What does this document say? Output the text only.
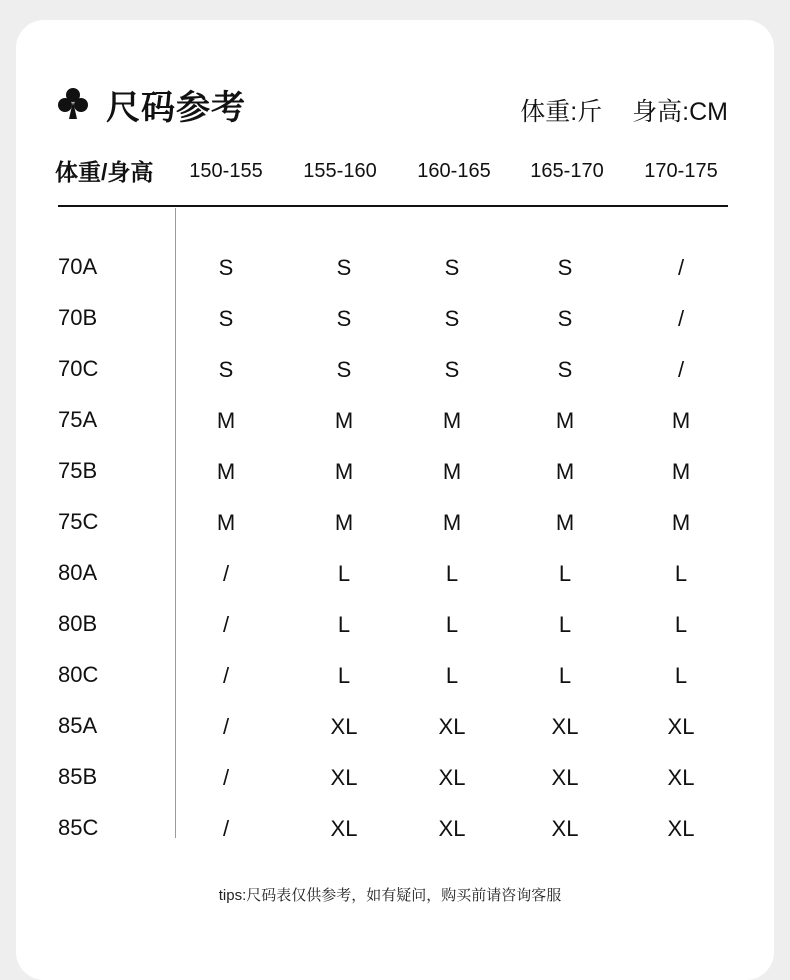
尺码参考	体重:斤 身高:CM
体重/身高	150-155	155-160	160-165	165-170	170-175
70A	S	S	S	S	/
70B	S	S	S	S	/
70C	S	S	S	S	/
75A	M	M	M	M	M
75B	M	M	M	M	M
75C	M	M	M	M	M
80A	/	L	L	L	L
80B	/	L	L	L	L
80C	/	L	L	L	L
85A	/	XL	XL	XL	XL
85B	/	XL	XL	XL	XL
85C	/	XL	XL	XL	XL
tips:尺码表仅供参考，如有疑问，购买前请咨询客服
